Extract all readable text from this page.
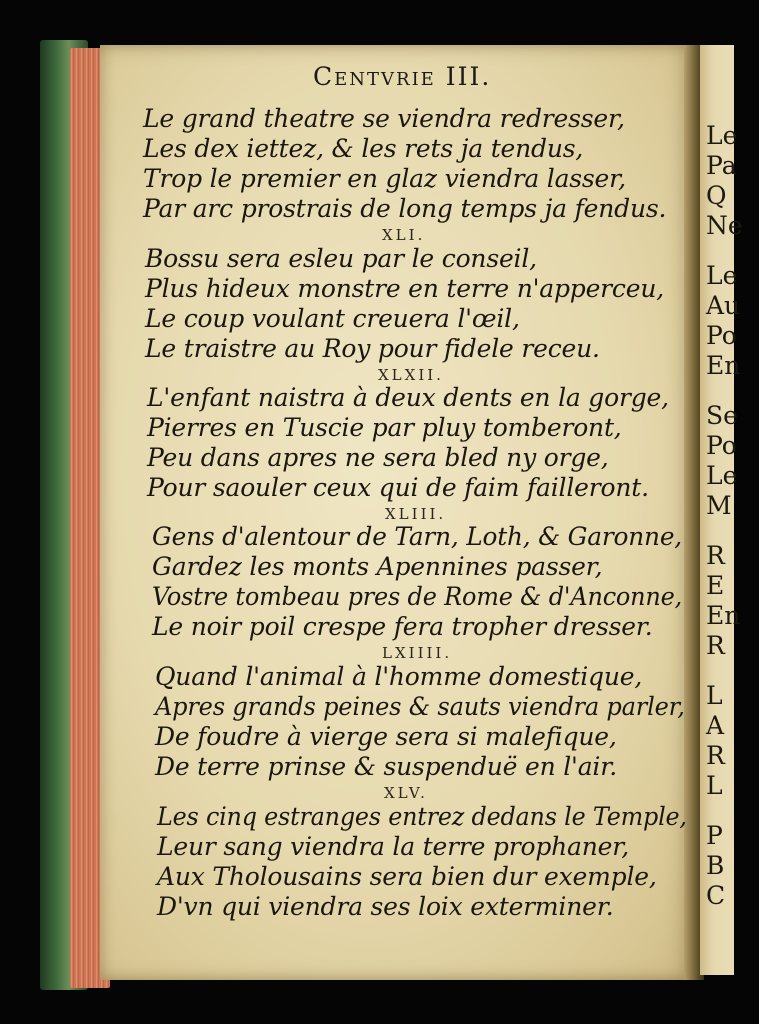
Le
Pa
Q
Ne
Le
Au
Po
En
Se
Po
Le
M
R
E
En
R
L
A
R
L
P
B
C
Centvrie III.
Le grand theatre se viendra redresser,
Les dex iettez, & les rets ja tendus,
Trop le premier en glaz viendra lasser,
Par arc prostrais de long temps ja fendus.
XLI.
Bossu sera esleu par le conseil,
Plus hideux monstre en terre n'apperceu,
Le coup voulant creuera l'œil,
Le traistre au Roy pour fidele receu.
XLXII.
L'enfant naistra à deux dents en la gorge,
Pierres en Tuscie par pluy tomberont,
Peu dans apres ne sera bled ny orge,
Pour saouler ceux qui de faim failleront.
XLIII.
Gens d'alentour de Tarn, Loth, & Garonne,
Gardez les monts Apennines passer,
Vostre tombeau pres de Rome & d'Anconne,
Le noir poil crespe fera tropher dresser.
LXIIII.
Quand l'animal à l'homme domestique,
Apres grands peines & sauts viendra parler,
De foudre à vierge sera si malefique,
De terre prinse & suspenduë en l'air.
XLV.
Les cinq estranges entrez dedans le Temple,
Leur sang viendra la terre prophaner,
Aux Tholousains sera bien dur exemple,
D'vn qui viendra ses loix exterminer.
